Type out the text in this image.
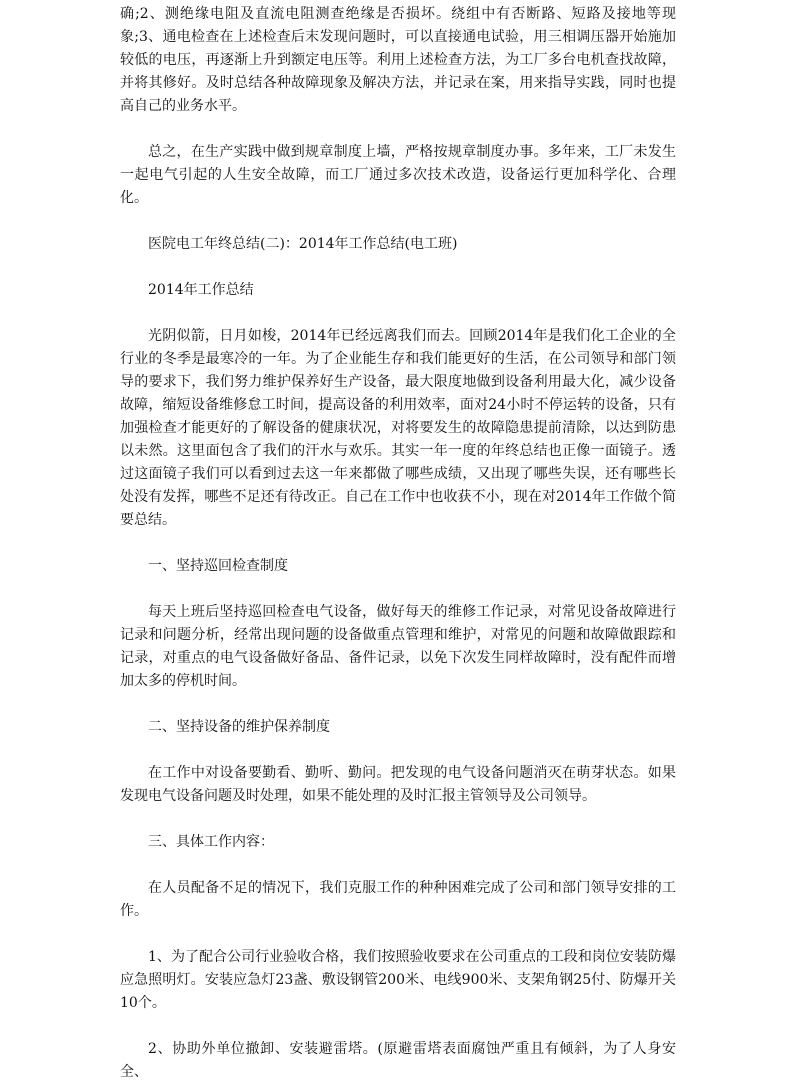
确;2、测绝缘电阻及直流电阻测查绝缘是否损坏。绕组中有否断路、短路及接地等现象;3、通电检查在上述检查后末发现问题时，可以直接通电试验，用三相调压器开始施加较低的电压，再逐渐上升到额定电压等。利用上述检查方法，为工厂多台电机查找故障，并将其修好。及时总结各种故障现象及解决方法，并记录在案，用来指导实践，同时也提高自己的业务水平。

总之，在生产实践中做到规章制度上墙，严格按规章制度办事。多年来，工厂未发生一起电气引起的人生安全故障，而工厂通过多次技术改造，设备运行更加科学化、合理化。

医院电工年终总结(二)：2014年工作总结(电工班)

2014年工作总结

光阴似箭，日月如梭，2014年已经远离我们而去。回顾2014年是我们化工企业的全行业的冬季是最寒冷的一年。为了企业能生存和我们能更好的生活，在公司领导和部门领导的要求下，我们努力维护保养好生产设备，最大限度地做到设备利用最大化，减少设备故障，缩短设备维修怠工时间，提高设备的利用效率，面对24小时不停运转的设备，只有加强检查才能更好的了解设备的健康状况，对将要发生的故障隐患提前清除，以达到防患以未然。这里面包含了我们的汗水与欢乐。其实一年一度的年终总结也正像一面镜子。透过这面镜子我们可以看到过去这一年来都做了哪些成绩，又出现了哪些失误，还有哪些长处没有发挥，哪些不足还有待改正。自己在工作中也收获不小，现在对2014年工作做个简要总结。

一、坚持巡回检查制度

每天上班后坚持巡回检查电气设备，做好每天的维修工作记录，对常见设备故障进行记录和问题分析，经常出现问题的设备做重点管理和维护，对常见的问题和故障做跟踪和记录，对重点的电气设备做好备品、备件记录，以免下次发生同样故障时，没有配件而增加太多的停机时间。

二、坚持设备的维护保养制度

在工作中对设备要勤看、勤听、勤问。把发现的电气设备问题消灭在萌芽状态。如果发现电气设备问题及时处理，如果不能处理的及时汇报主管领导及公司领导。

三、具体工作内容：

在人员配备不足的情况下，我们克服工作的种种困难完成了公司和部门领导安排的工作。

1、为了配合公司行业验收合格，我们按照验收要求在公司重点的工段和岗位安装防爆应急照明灯。安装应急灯23盏、敷设钢管200米、电线900米、支架角钢25付、防爆开关10个。

2、协助外单位撤卸、安装避雷塔。(原避雷塔表面腐蚀严重且有倾斜，为了人身安全、
